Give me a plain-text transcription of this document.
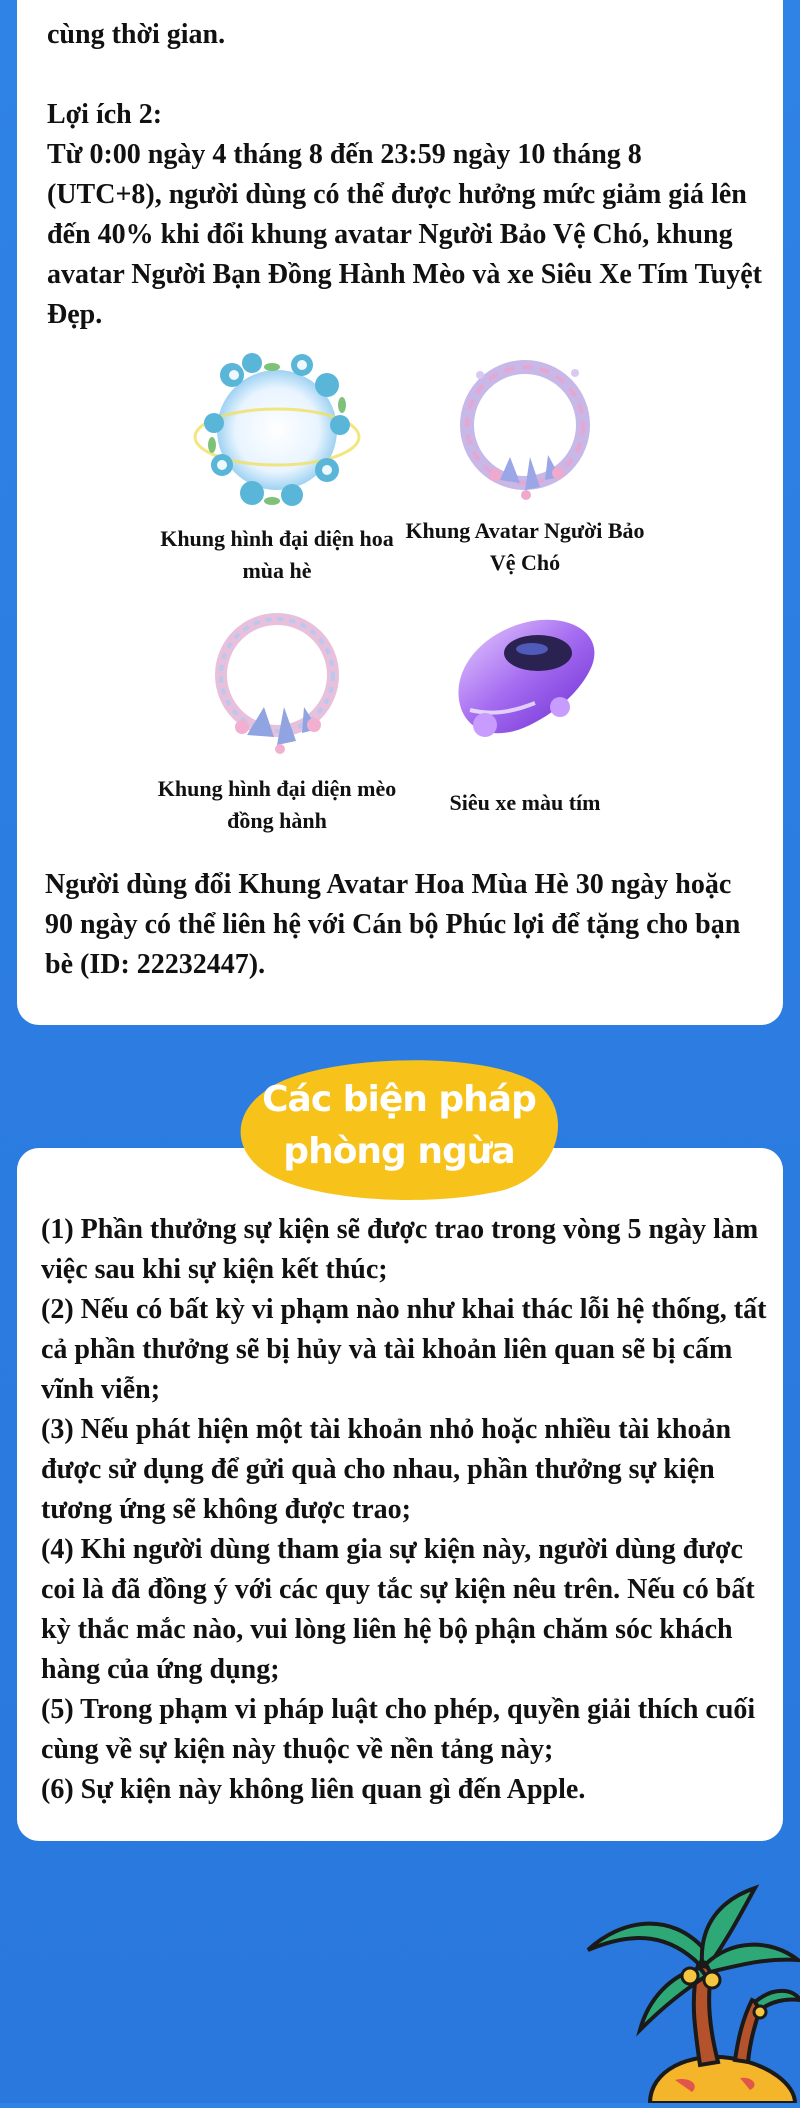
cùng thời gian.

Lợi ích 2:

Từ 0:00 ngày 4 tháng 8 đến 23:59 ngày 10 tháng 8 (UTC+8), người dùng có thể được hưởng mức giảm giá lên đến 40% khi đổi khung avatar Người Bảo Vệ Chó, khung avatar Người Bạn Đồng Hành Mèo và xe Siêu Xe Tím Tuyệt Đẹp.

Khung hình đại diện hoa mùa hè
Khung Avatar Người Bảo Vệ Chó
Khung hình đại diện mèo đồng hành
Siêu xe màu tím

Người dùng đổi Khung Avatar Hoa Mùa Hè 30 ngày hoặc 90 ngày có thể liên hệ với Cán bộ Phúc lợi để tặng cho bạn bè (ID: 22232447).

Các biện pháp
phòng ngừa
(1) Phần thưởng sự kiện sẽ được trao trong vòng 5 ngày làm việc sau khi sự kiện kết thúc;
(2) Nếu có bất kỳ vi phạm nào như khai thác lỗi hệ thống, tất cả phần thưởng sẽ bị hủy và tài khoản liên quan sẽ bị cấm vĩnh viễn;
(3) Nếu phát hiện một tài khoản nhỏ hoặc nhiều tài khoản được sử dụng để gửi quà cho nhau, phần thưởng sự kiện tương ứng sẽ không được trao;
(4) Khi người dùng tham gia sự kiện này, người dùng được coi là đã đồng ý với các quy tắc sự kiện nêu trên. Nếu có bất kỳ thắc mắc nào, vui lòng liên hệ bộ phận chăm sóc khách hàng của ứng dụng;
(5) Trong phạm vi pháp luật cho phép, quyền giải thích cuối cùng về sự kiện này thuộc về nền tảng này;
(6) Sự kiện này không liên quan gì đến Apple.
